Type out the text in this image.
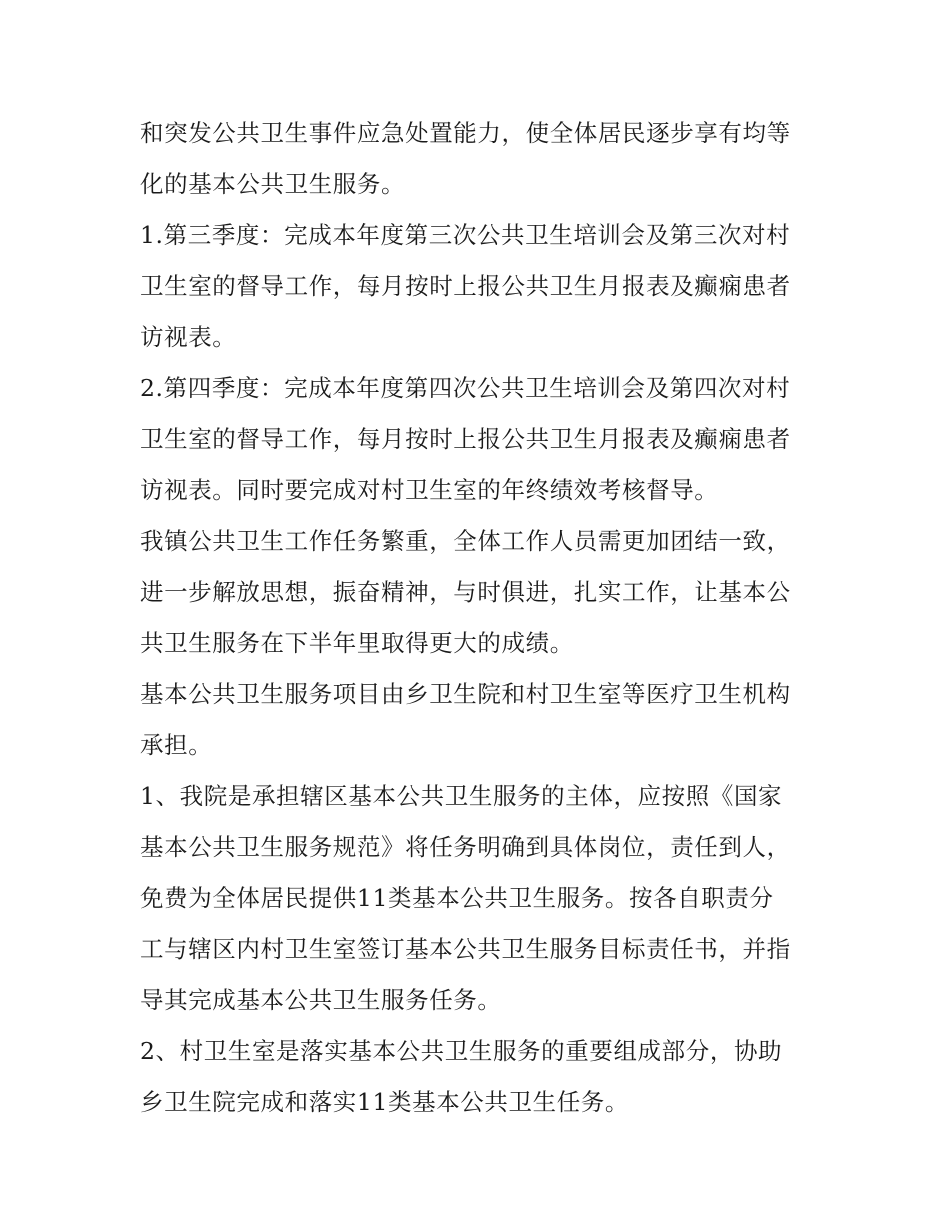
和突发公共卫生事件应急处置能力，使全体居民逐步享有均等
化的基本公共卫生服务。
1.第三季度：完成本年度第三次公共卫生培训会及第三次对村
卫生室的督导工作，每月按时上报公共卫生月报表及癫痫患者
访视表。
2.第四季度：完成本年度第四次公共卫生培训会及第四次对村
卫生室的督导工作，每月按时上报公共卫生月报表及癫痫患者
访视表。同时要完成对村卫生室的年终绩效考核督导。
我镇公共卫生工作任务繁重，全体工作人员需更加团结一致，
进一步解放思想，振奋精神，与时俱进，扎实工作，让基本公
共卫生服务在下半年里取得更大的成绩。
基本公共卫生服务项目由乡卫生院和村卫生室等医疗卫生机构
承担。
1、我院是承担辖区基本公共卫生服务的主体，应按照《国家
基本公共卫生服务规范》将任务明确到具体岗位，责任到人，
免费为全体居民提供11类基本公共卫生服务。按各自职责分
工与辖区内村卫生室签订基本公共卫生服务目标责任书，并指
导其完成基本公共卫生服务任务。
2、村卫生室是落实基本公共卫生服务的重要组成部分，协助
乡卫生院完成和落实11类基本公共卫生任务。
